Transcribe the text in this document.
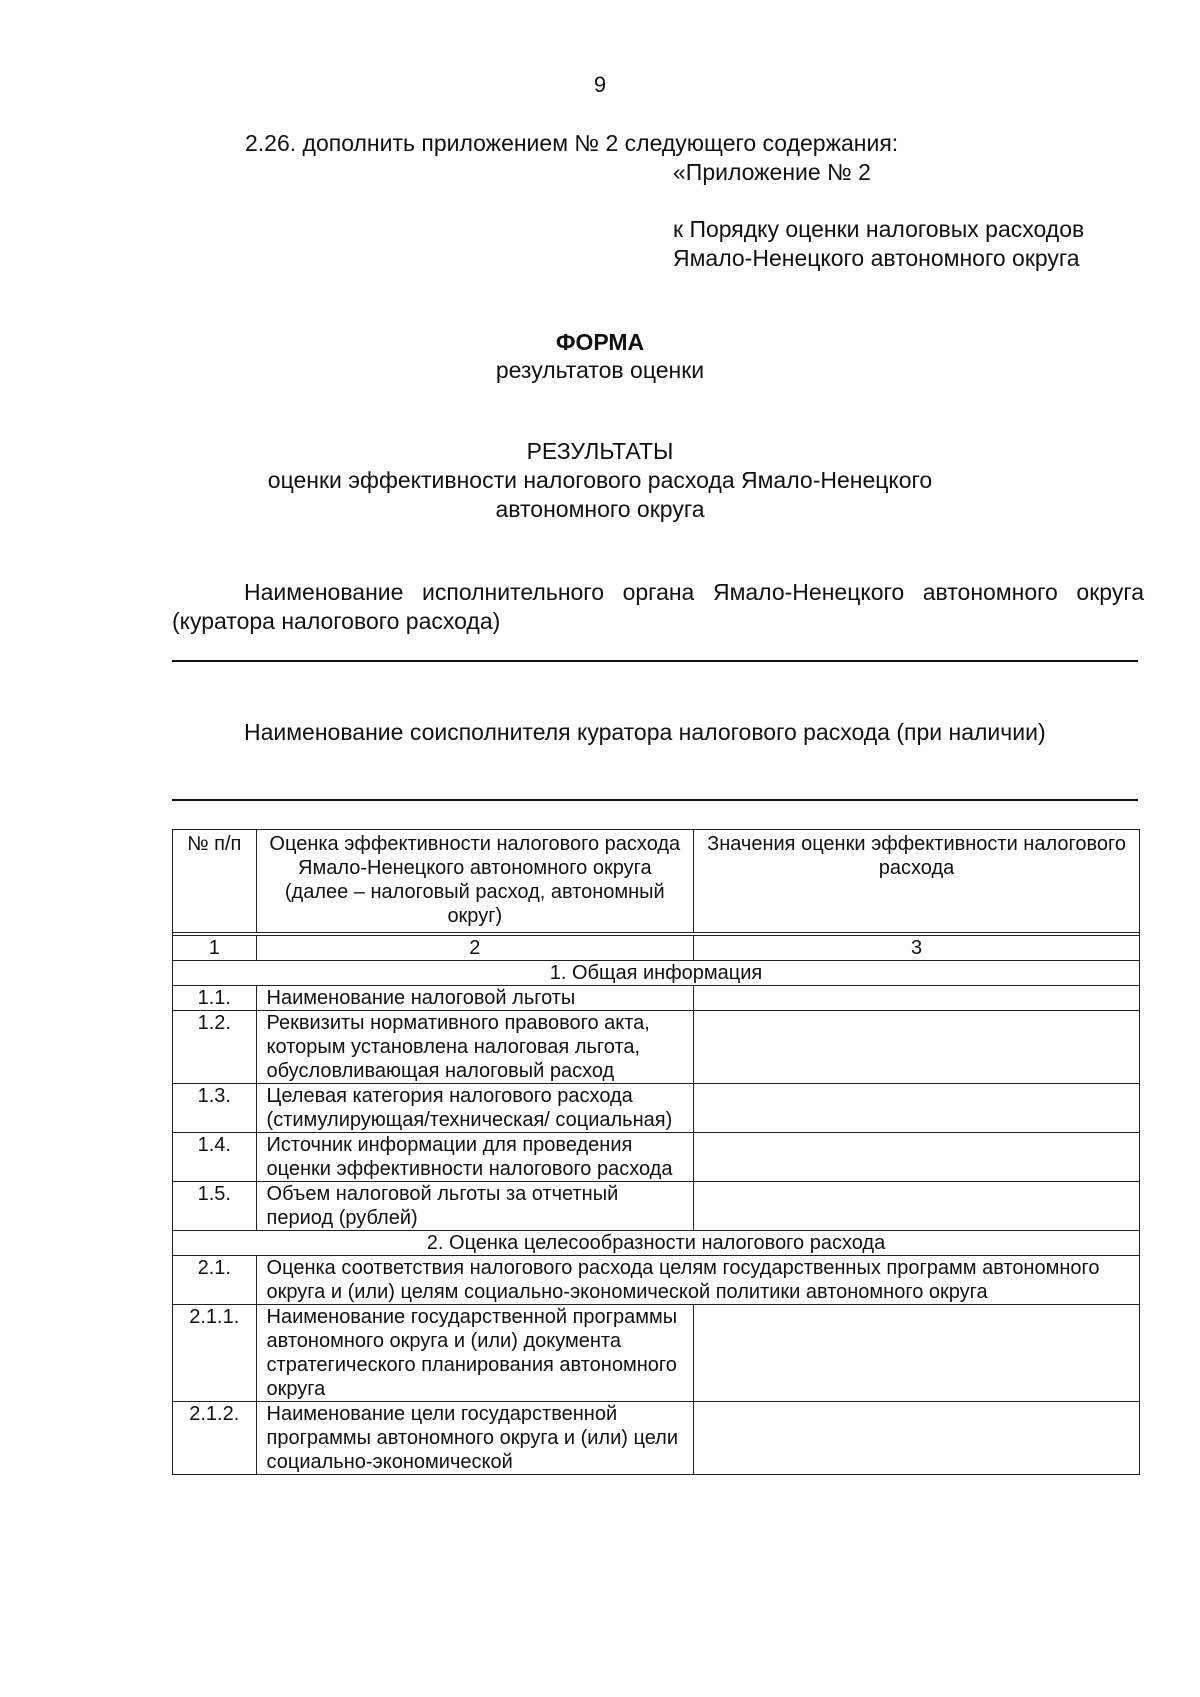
9
2.26. дополнить приложением № 2 следующего содержания:
«Приложение № 2
к Порядку оценки налоговых расходов
Ямало-Ненецкого автономного округа
ФОРМА
результатов оценки
РЕЗУЛЬТАТЫ
оценки эффективности налогового расхода Ямало-Ненецкого
автономного округа
Наименование исполнительного органа Ямало-Ненецкого автономного округа (куратора налогового расхода)
Наименование соисполнителя куратора налогового расхода (при наличии)
№ п/п	Оценка эффективности налогового расхода Ямало-Ненецкого автономного округа (далее – налоговый расход, автономный округ)	Значения оценки эффективности налогового расхода

1	2	3
1. Общая информация		
1.1.	Наименование налоговой льготы	
1.2.	Реквизиты нормативного правового акта, которым установлена налоговая льгота, обусловливающая налоговый расход	
1.3.	Целевая категория налогового расхода (стимулирующая/техническая/ социальная)	
1.4.	Источник информации для проведения оценки эффективности налогового расхода	
1.5.	Объем налоговой льготы за отчетный период (рублей)	
2. Оценка целесообразности налогового расхода		
2.1.	Оценка соответствия налогового расхода целям государственных программ автономного округа и (или) целям социально-экономической политики автономного округа	
2.1.1.	Наименование государственной программы автономного округа и (или) документа стратегического планирования автономного округа	
2.1.2.	Наименование цели государственной программы автономного округа и (или) цели социально-экономической	
